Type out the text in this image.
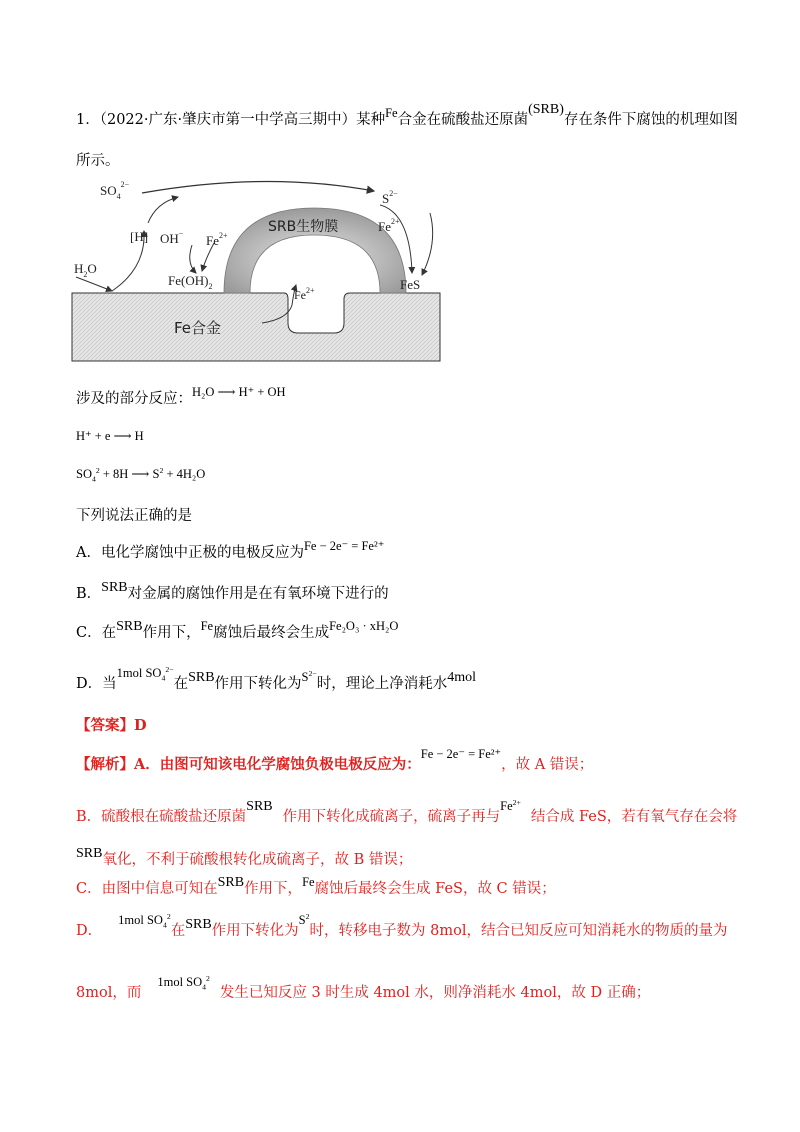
1．（2022·广东·肇庆市第一中学高三期中）某种Fe合金在硫酸盐还原菌(SRB)存在条件下腐蚀的机理如图
所示。
$SO_4^{2-}$
$S^{2-}$
[H] OH− $Fe^{2+}$
$Fe^{2+}$
$H_2O$
$Fe(OH)_2$
$Fe^{2+}$	FeS
SRB生物膜
Fe合金
涉及的部分反应：H₂O ⟶ H⁺ + OH
H⁺ + e ⟶ H
$SO_4^2 + 8H$ ⟶ $S^2 + 4H_2O$
下列说法正确的是
A．电化学腐蚀中正极的电极反应为Fe − 2e⁻ = Fe²⁺
B．SRB对金属的腐蚀作用是在有氧环境下进行的
C．在SRB作用下，Fe腐蚀后最终会生成Fe₂O₃ · xH₂O
D．当1mol $SO_4^{2-}$在SRB作用下转化为$S^{2-}$时，理论上净消耗水4mol
【答案】D
【解析】A．由图可知该电化学腐蚀负极电极反应为：Fe − 2e⁻ = Fe²⁺，故 A 错误；
B．硫酸根在硫酸盐还原菌SRB作用下转化成硫离子，硫离子再与$Fe^{2+}$结合成 FeS，若有氧气存在会将
SRB氧化，不利于硫酸根转化成硫离子，故 B 错误；
C．由图中信息可知在SRB作用下，Fe腐蚀后最终会生成 FeS，故 C 错误；
D．1mol $SO_4^2$在SRB作用下转化为$S^2$时，转移电子数为 8mol，结合已知反应可知消耗水的物质的量为
8mol，而1mol $SO_4^2$发生已知反应 3 时生成 4mol 水，则净消耗水 4mol，故 D 正确；
